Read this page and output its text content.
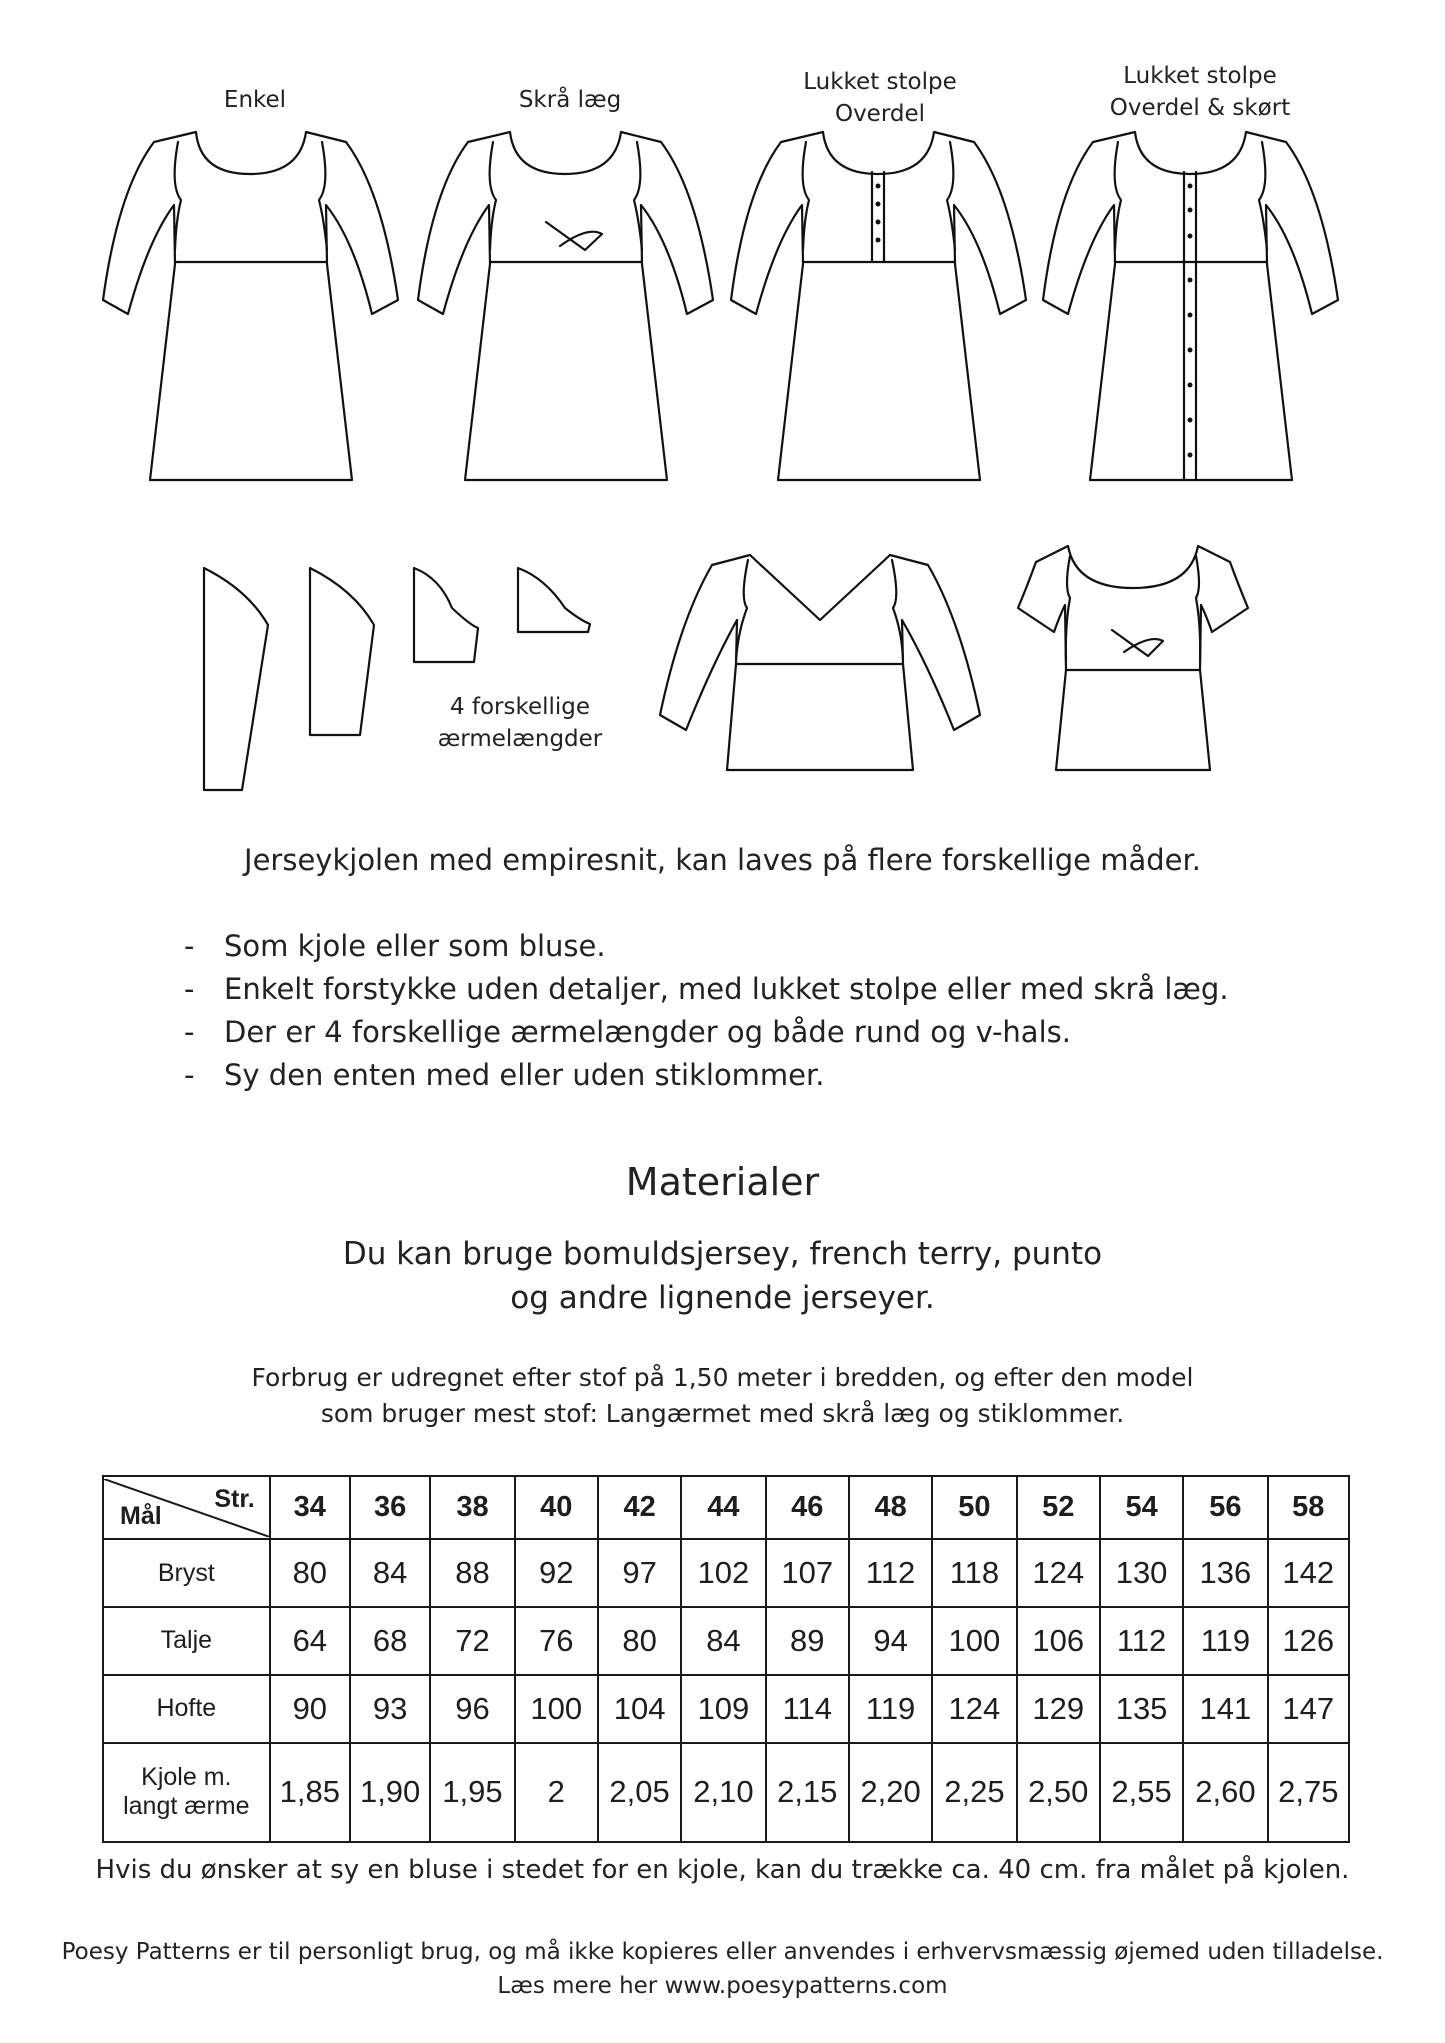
Enkel	Skrå læg
Lukket stolpe
Overdel
Lukket stolpe
Overdel & skørt
4 forskellige
ærmelængder
Jerseykjolen med empiresnit, kan laves på flere forskellige måder.
- Som kjole eller som bluse.
- Enkelt forstykke uden detaljer, med lukket stolpe eller med skrå læg.
- Der er 4 forskellige ærmelængder og både rund og v-hals.
- Sy den enten med eller uden stiklommer.
Materialer
Du kan bruge bomuldsjersey, french terry, punto
og andre lignende jerseyer.
Forbrug er udregnet efter stof på 1,50 meter i bredden, og efter den model
som bruger mest stof: Langærmet med skrå læg og stiklommer.
Str.
Mål	34	36	38	40	42	44	46	48	50	52	54	56	58
Bryst	80	84	88	92	97	102	107	112	118	124	130	136	142
Talje	64	68	72	76	80	84	89	94	100	106	112	119	126
Hofte	90	93	96	100	104	109	114	119	124	129	135	141	147

Kjole m.
langt ærme	1,85	1,90	1,95	2	2,05	2,10	2,15	2,20	2,25	2,50	2,55	2,60	2,75
Hvis du ønsker at sy en bluse i stedet for en kjole, kan du trække ca. 40 cm. fra målet på kjolen.
Poesy Patterns er til personligt brug, og må ikke kopieres eller anvendes i erhvervsmæssig øjemed uden tilladelse.
Læs mere her www.poesypatterns.com
